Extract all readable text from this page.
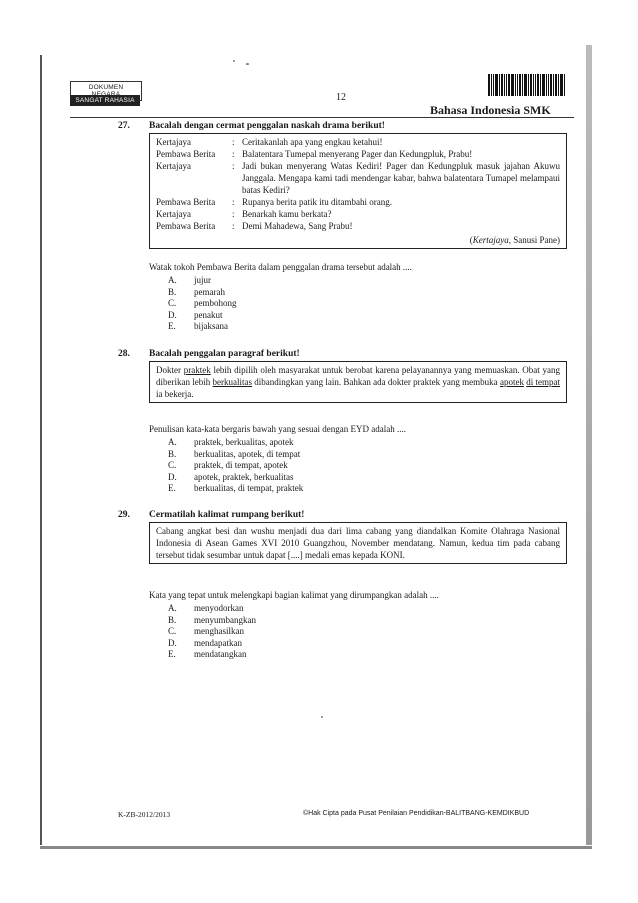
DOKUMEN
SANGAT RAHASIA	12
Bahasa Indonesia SMK
27. Bacalah dengan cermat penggalan naskah drama berikut!
Kertajaya	: Ceritakanlah apa yang engkau ketahui!
Pembawa Berita	: Balatentara Tumepal menyerang Pager dan Kedungpluk, Prabu!
Kertajaya	: Jadi bukan menyerang Watas Kediri! Pager dan Kedungpluk masuk jajahan Akuwu Janggala. Mengapa kami tadi mendengar kabar, bahwa balatentara Tumapel melampaui batas Kediri?
Pembawa Berita	: Rupanya berita patik itu ditambahi orang.
Kertajaya	: Benarkah kamu berkata?
Pembawa Berita	: Demi Mahadewa, Sang Prabu!
(Kertajaya, Sanusi Pane)
Watak tokoh Pembawa Berita dalam penggalan drama tersebut adalah ....
A.	jujur
B.	pemarah
C.	pembohong
D.	penakut
E.	bijaksana
28. Bacalah penggalan paragraf berikut!
Dokter praktek lebih dipilih oleh masyarakat untuk berobat karena pelayanannya yang memuaskan. Obat yang diberikan lebih berkualitas dibandingkan yang lain. Bahkan ada dokter praktek yang membuka apotek di tempat ia bekerja.
Penulisan kata-kata bergaris bawah yang sesuai dengan EYD adalah ....
A.	praktek, berkualitas, apotek
B.	berkualitas, apotek, di tempat
C.	praktek, di tempat, apotek
D.	apotek, praktek, berkualitas
E.	berkualitas, di tempat, praktek
29. Cermatilah kalimat rumpang berikut!
Cabang angkat besi dan wushu menjadi dua dari lima cabang yang diandalkan Komite Olahraga Nasional Indonesia di Asean Games XVI 2010 Guangzhou, November mendatang. Namun, kedua tim pada cabang tersebut tidak sesumbar untuk dapat [....] medali emas kepada KONI.
Kata yang tepat untuk melengkapi bagian kalimat yang dirumpangkan adalah ....
A.	menyodorkan
B.	menyumbangkan
C.	menghasilkan
D.	mendapatkan
E.	mendatangkan
K-ZB-2012/2013	©Hak Cipta pada Pusat Penilaian Pendidikan-BALITBANG-KEMDIKBUD
